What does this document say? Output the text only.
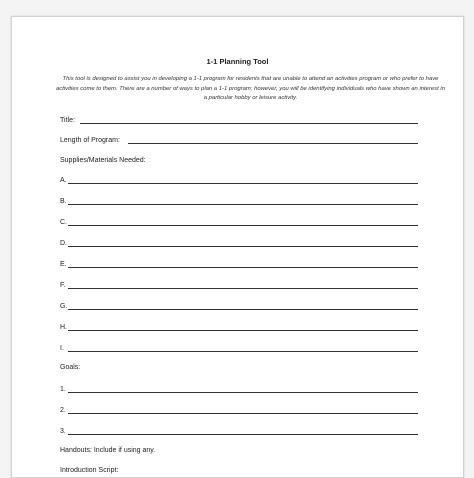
1-1 Planning Tool
This tool is designed to assist you in developing a 1-1 program for residents that are unable to attend an activities program or who prefer to have activities come to them. There are a number of ways to plan a 1-1 program; however, you will be identifying individuals who have shown an interest in a particular hobby or leisure activity.
Title:
Length of Program:
Supplies/Materials Needed:
A.
B.
C.
D.
E.
F.
G.
H.
I.
Goals:
1.
2.
3.
Handouts: Include if using any.
Introduction Script:
